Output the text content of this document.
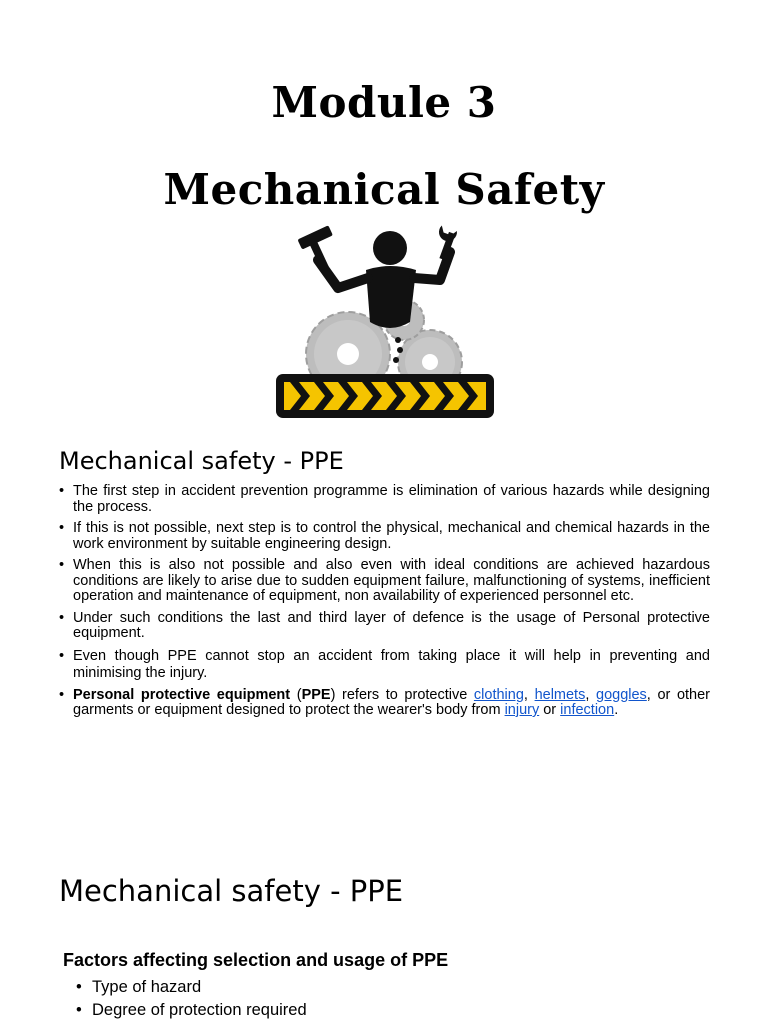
Module 3
Mechanical Safety
Mechanical safety - PPE
• The first step in accident prevention programme is elimination of various hazards while designing the process.
• If this is not possible, next step is to control the physical, mechanical and chemical hazards in the work environment by suitable engineering design.
• When this is also not possible and also even with ideal conditions are achieved hazardous conditions are likely to arise due to sudden equipment failure, malfunctioning of systems, inefficient operation and maintenance of equipment, non availability of experienced personnel etc.
• Under such conditions the last and third layer of defence is the usage of Personal protective equipment.
• Even though PPE cannot stop an accident from taking place it will help in preventing and minimising the injury.
• Personal protective equipment (PPE) refers to protective clothing, helmets, goggles, or other garments or equipment designed to protect the wearer's body from injury or infection.
Mechanical safety - PPE

Factors affecting selection and usage of PPE

• Type of hazard
• Degree of protection required
